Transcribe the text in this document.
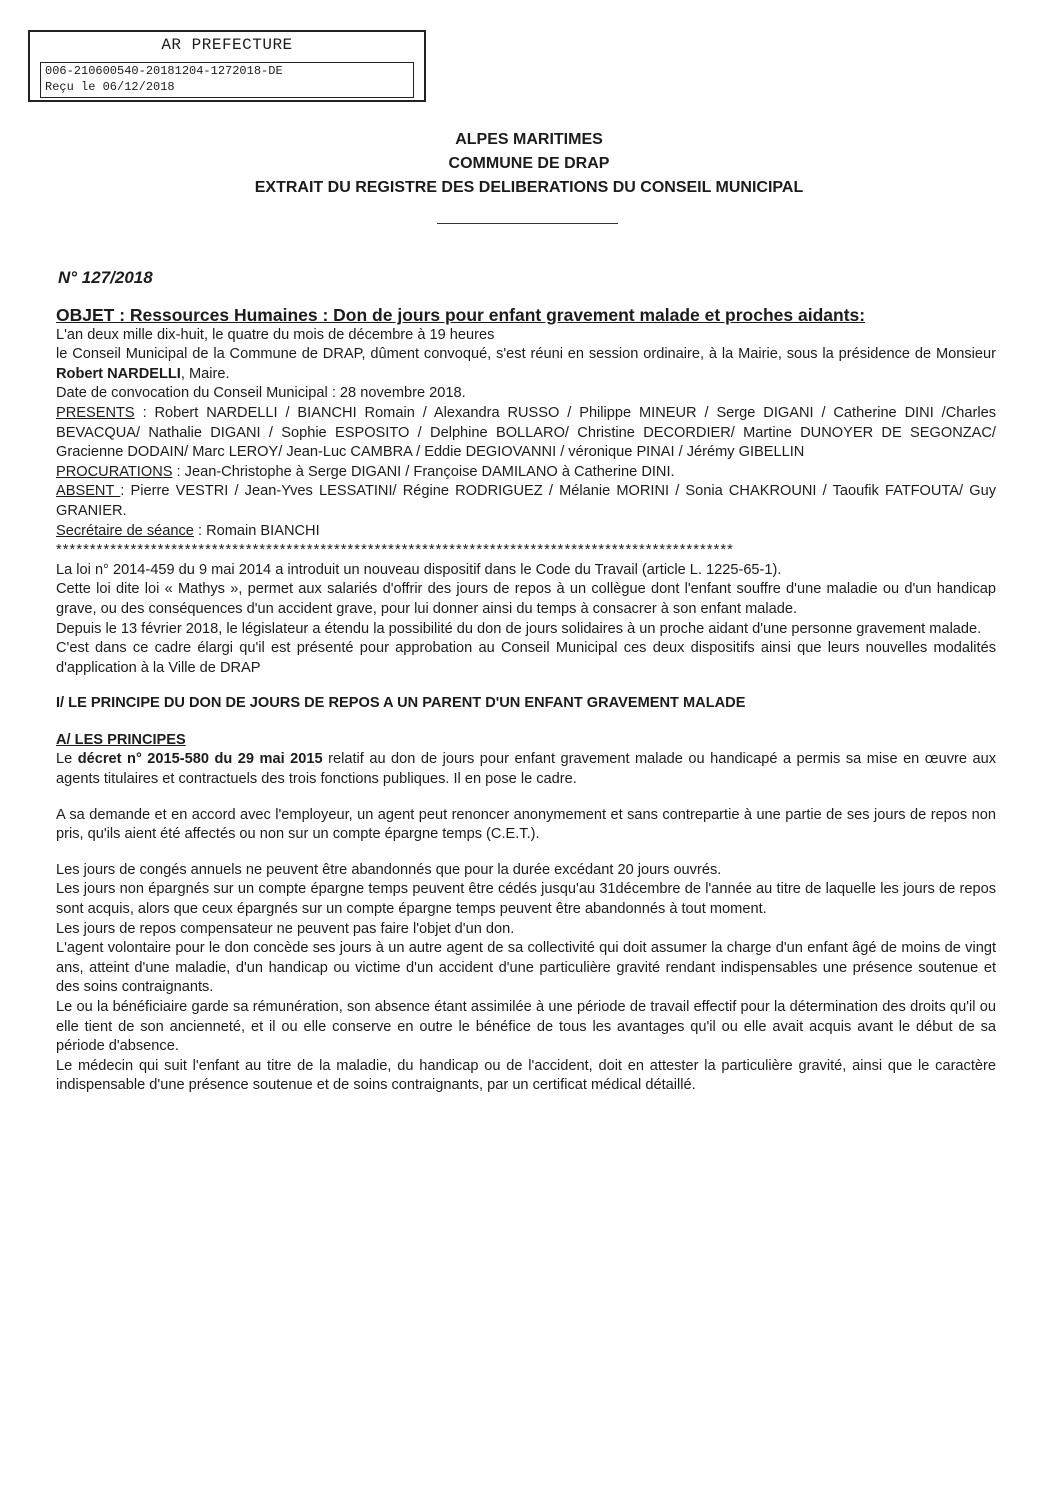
AR PREFECTURE
006-210600540-20181204-1272018-DE
Reçu le 06/12/2018
ALPES MARITIMES
COMMUNE DE DRAP
EXTRAIT DU REGISTRE DES DELIBERATIONS DU CONSEIL MUNICIPAL
N° 127/2018

OBJET : Ressources Humaines : Don de jours pour enfant gravement malade et proches aidants:

L'an deux mille dix-huit, le quatre du mois de décembre à 19 heures

le Conseil Municipal de la Commune de DRAP, dûment convoqué, s'est réuni en session ordinaire, à la Mairie, sous la présidence de Monsieur Robert NARDELLI, Maire.

Date de convocation du Conseil Municipal : 28 novembre 2018.

PRESENTS : Robert NARDELLI / BIANCHI Romain / Alexandra RUSSO / Philippe MINEUR / Serge DIGANI / Catherine DINI /Charles BEVACQUA/ Nathalie DIGANI / Sophie ESPOSITO / Delphine BOLLARO/ Christine DECORDIER/ Martine DUNOYER DE SEGONZAC/ Gracienne DODAIN/ Marc LEROY/ Jean-Luc CAMBRA / Eddie DEGIOVANNI / véronique PINAI / Jérémy GIBELLIN

PROCURATIONS : Jean-Christophe à Serge DIGANI / Françoise DAMILANO à Catherine DINI.

ABSENT : Pierre VESTRI / Jean-Yves LESSATINI/ Régine RODRIGUEZ / Mélanie MORINI / Sonia CHAKROUNI / Taoufik FATFOUTA/ Guy GRANIER.

Secrétaire de séance : Romain BIANCHI

****************************************************************************************************

La loi n° 2014-459 du 9 mai 2014 a introduit un nouveau dispositif dans le Code du Travail (article L. 1225-65-1).

Cette loi dite loi « Mathys », permet aux salariés d'offrir des jours de repos à un collègue dont l'enfant souffre d'une maladie ou d'un handicap grave, ou des conséquences d'un accident grave, pour lui donner ainsi du temps à consacrer à son enfant malade.

Depuis le 13 février 2018, le législateur a étendu la possibilité du don de jours solidaires à un proche aidant d'une personne gravement malade.

C'est dans ce cadre élargi qu'il est présenté pour approbation au Conseil Municipal ces deux dispositifs ainsi que leurs nouvelles modalités d'application à la Ville de DRAP

I/ LE PRINCIPE DU DON DE JOURS DE REPOS A UN PARENT D'UN ENFANT GRAVEMENT MALADE

A/ LES PRINCIPES

Le décret n° 2015-580 du 29 mai 2015 relatif au don de jours pour enfant gravement malade ou handicapé a permis sa mise en œuvre aux agents titulaires et contractuels des trois fonctions publiques. Il en pose le cadre.

A sa demande et en accord avec l'employeur, un agent peut renoncer anonymement et sans contrepartie à une partie de ses jours de repos non pris, qu'ils aient été affectés ou non sur un compte épargne temps (C.E.T.).

Les jours de congés annuels ne peuvent être abandonnés que pour la durée excédant 20 jours ouvrés.

Les jours non épargnés sur un compte épargne temps peuvent être cédés jusqu'au 31décembre de l'année au titre de laquelle les jours de repos sont acquis, alors que ceux épargnés sur un compte épargne temps peuvent être abandonnés à tout moment.

Les jours de repos compensateur ne peuvent pas faire l'objet d'un don.

L'agent volontaire pour le don concède ses jours à un autre agent de sa collectivité qui doit assumer la charge d'un enfant âgé de moins de vingt ans, atteint d'une maladie, d'un handicap ou victime d'un accident d'une particulière gravité rendant indispensables une présence soutenue et des soins contraignants.

Le ou la bénéficiaire garde sa rémunération, son absence étant assimilée à une période de travail effectif pour la détermination des droits qu'il ou elle tient de son ancienneté, et il ou elle conserve en outre le bénéfice de tous les avantages qu'il ou elle avait acquis avant le début de sa période d'absence.

Le médecin qui suit l'enfant au titre de la maladie, du handicap ou de l'accident, doit en attester la particulière gravité, ainsi que le caractère indispensable d'une présence soutenue et de soins contraignants, par un certificat médical détaillé.
